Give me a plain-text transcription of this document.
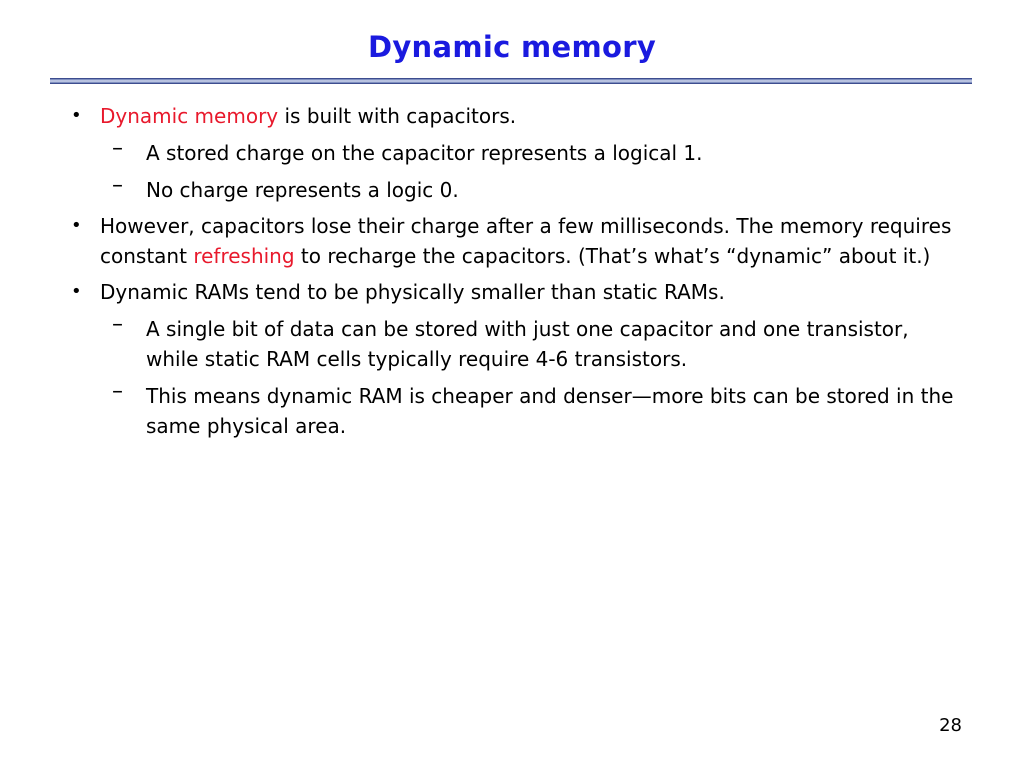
Dynamic memory
• Dynamic memory is built with capacitors.
– A stored charge on the capacitor represents a logical 1.
– No charge represents a logic 0.
• However, capacitors lose their charge after a few milliseconds. The memory requires constant refreshing to recharge the capacitors. (That’s what’s “dynamic” about it.)
• Dynamic RAMs tend to be physically smaller than static RAMs.
– A single bit of data can be stored with just one capacitor and one transistor, while static RAM cells typically require 4-6 transistors.
– This means dynamic RAM is cheaper and denser—more bits can be stored in the same physical area.
28
